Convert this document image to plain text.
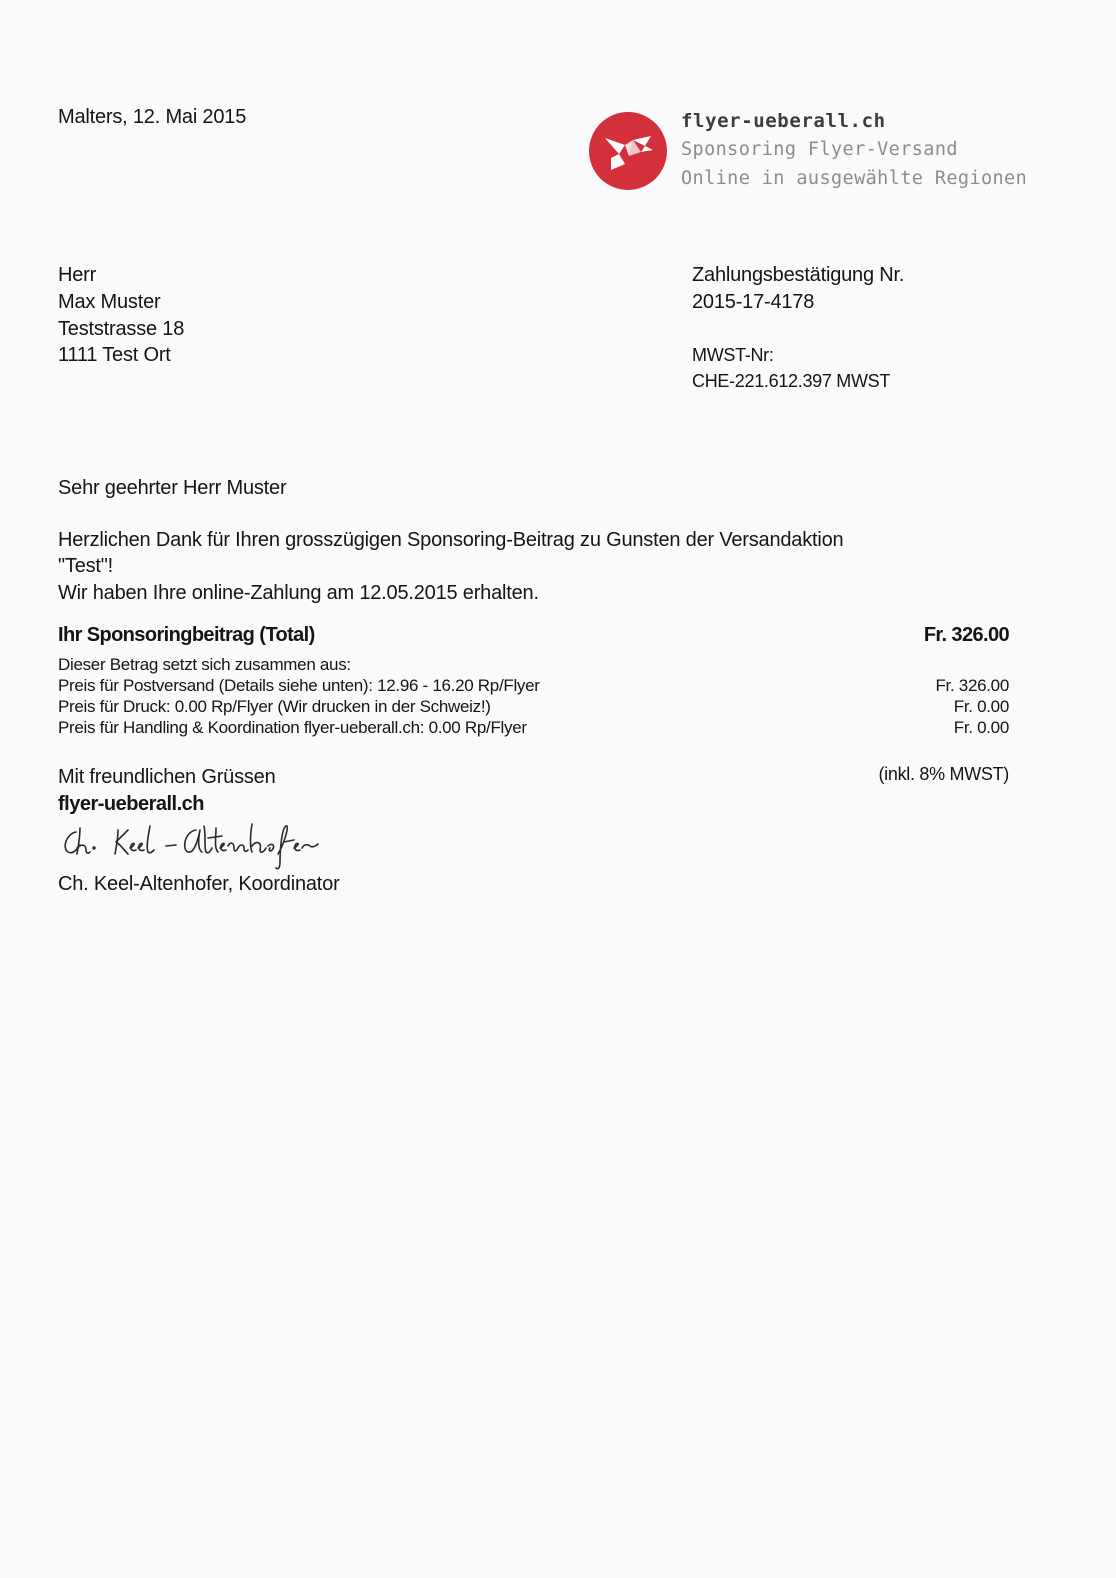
Malters, 12. Mai 2015	flyer-ueberall.ch
Sponsoring Flyer-Versand
Online in ausgewählte Regionen
Herr
Max Muster
Teststrasse 18
1111 Test Ort
Zahlungsbestätigung Nr.
2015-17-4178
MWST-Nr:
CHE-221.612.397 MWST
Sehr geehrter Herr Muster
Herzlichen Dank für Ihren grosszügigen Sponsoring-Beitrag zu Gunsten der Versandaktion
"Test"!
Wir haben Ihre online-Zahlung am 12.05.2015 erhalten.
Ihr Sponsoringbeitrag (Total)	Fr. 326.00
Dieser Betrag setzt sich zusammen aus:
Preis für Postversand (Details siehe unten): 12.96 - 16.20 Rp/Flyer	Fr. 326.00
Preis für Druck: 0.00 Rp/Flyer (Wir drucken in der Schweiz!)	Fr. 0.00
Preis für Handling & Koordination flyer-ueberall.ch: 0.00 Rp/Flyer	Fr. 0.00
(inkl. 8% MWST)
Mit freundlichen Grüssen
flyer-ueberall.ch
Ch. Keel-Altenhofer, Koordinator
